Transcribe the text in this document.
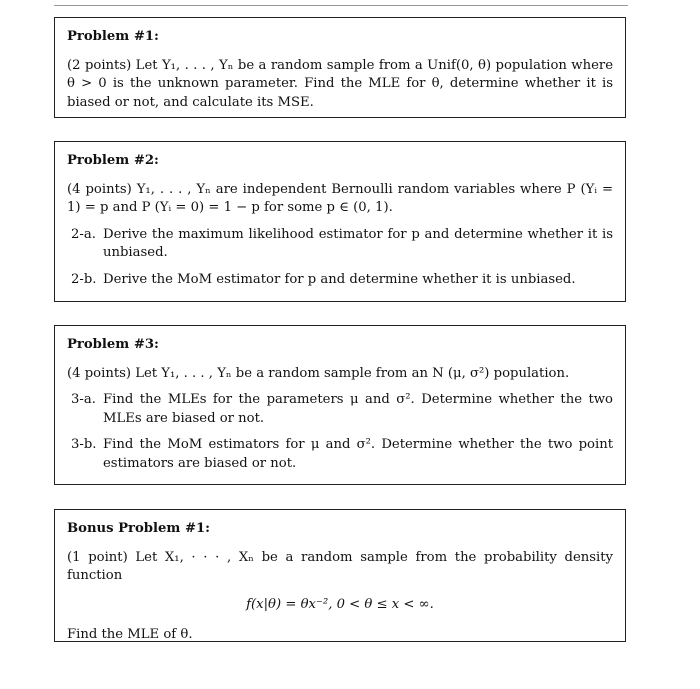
Problem #1:

(2 points) Let Y₁, . . . , Yₙ be a random sample from a Unif(0, θ) population where θ > 0 is the unknown parameter. Find the MLE for θ, determine whether it is biased or not, and calculate its MSE.

Problem #2:

(4 points) Y₁, . . . , Yₙ are independent Bernoulli random variables where P (Yᵢ = 1) = p and P (Yᵢ = 0) = 1 − p for some p ∈ (0, 1).

2-a. Derive the maximum likelihood estimator for p and determine whether it is unbiased.
2-b. Derive the MoM estimator for p and determine whether it is unbiased.
Problem #3:

(4 points) Let Y₁, . . . , Yₙ be a random sample from an N (μ, σ²) population.

3-a. Find the MLEs for the parameters μ and σ². Determine whether the two MLEs are biased or not.
3-b. Find the MoM estimators for μ and σ². Determine whether the two point estimators are biased or not.
Bonus Problem #1:

(1 point) Let X₁, · · · , Xₙ be a random sample from the probability density function

f(x|θ) = θx⁻², 0 < θ ≤ x < ∞.
Find the MLE of θ.
